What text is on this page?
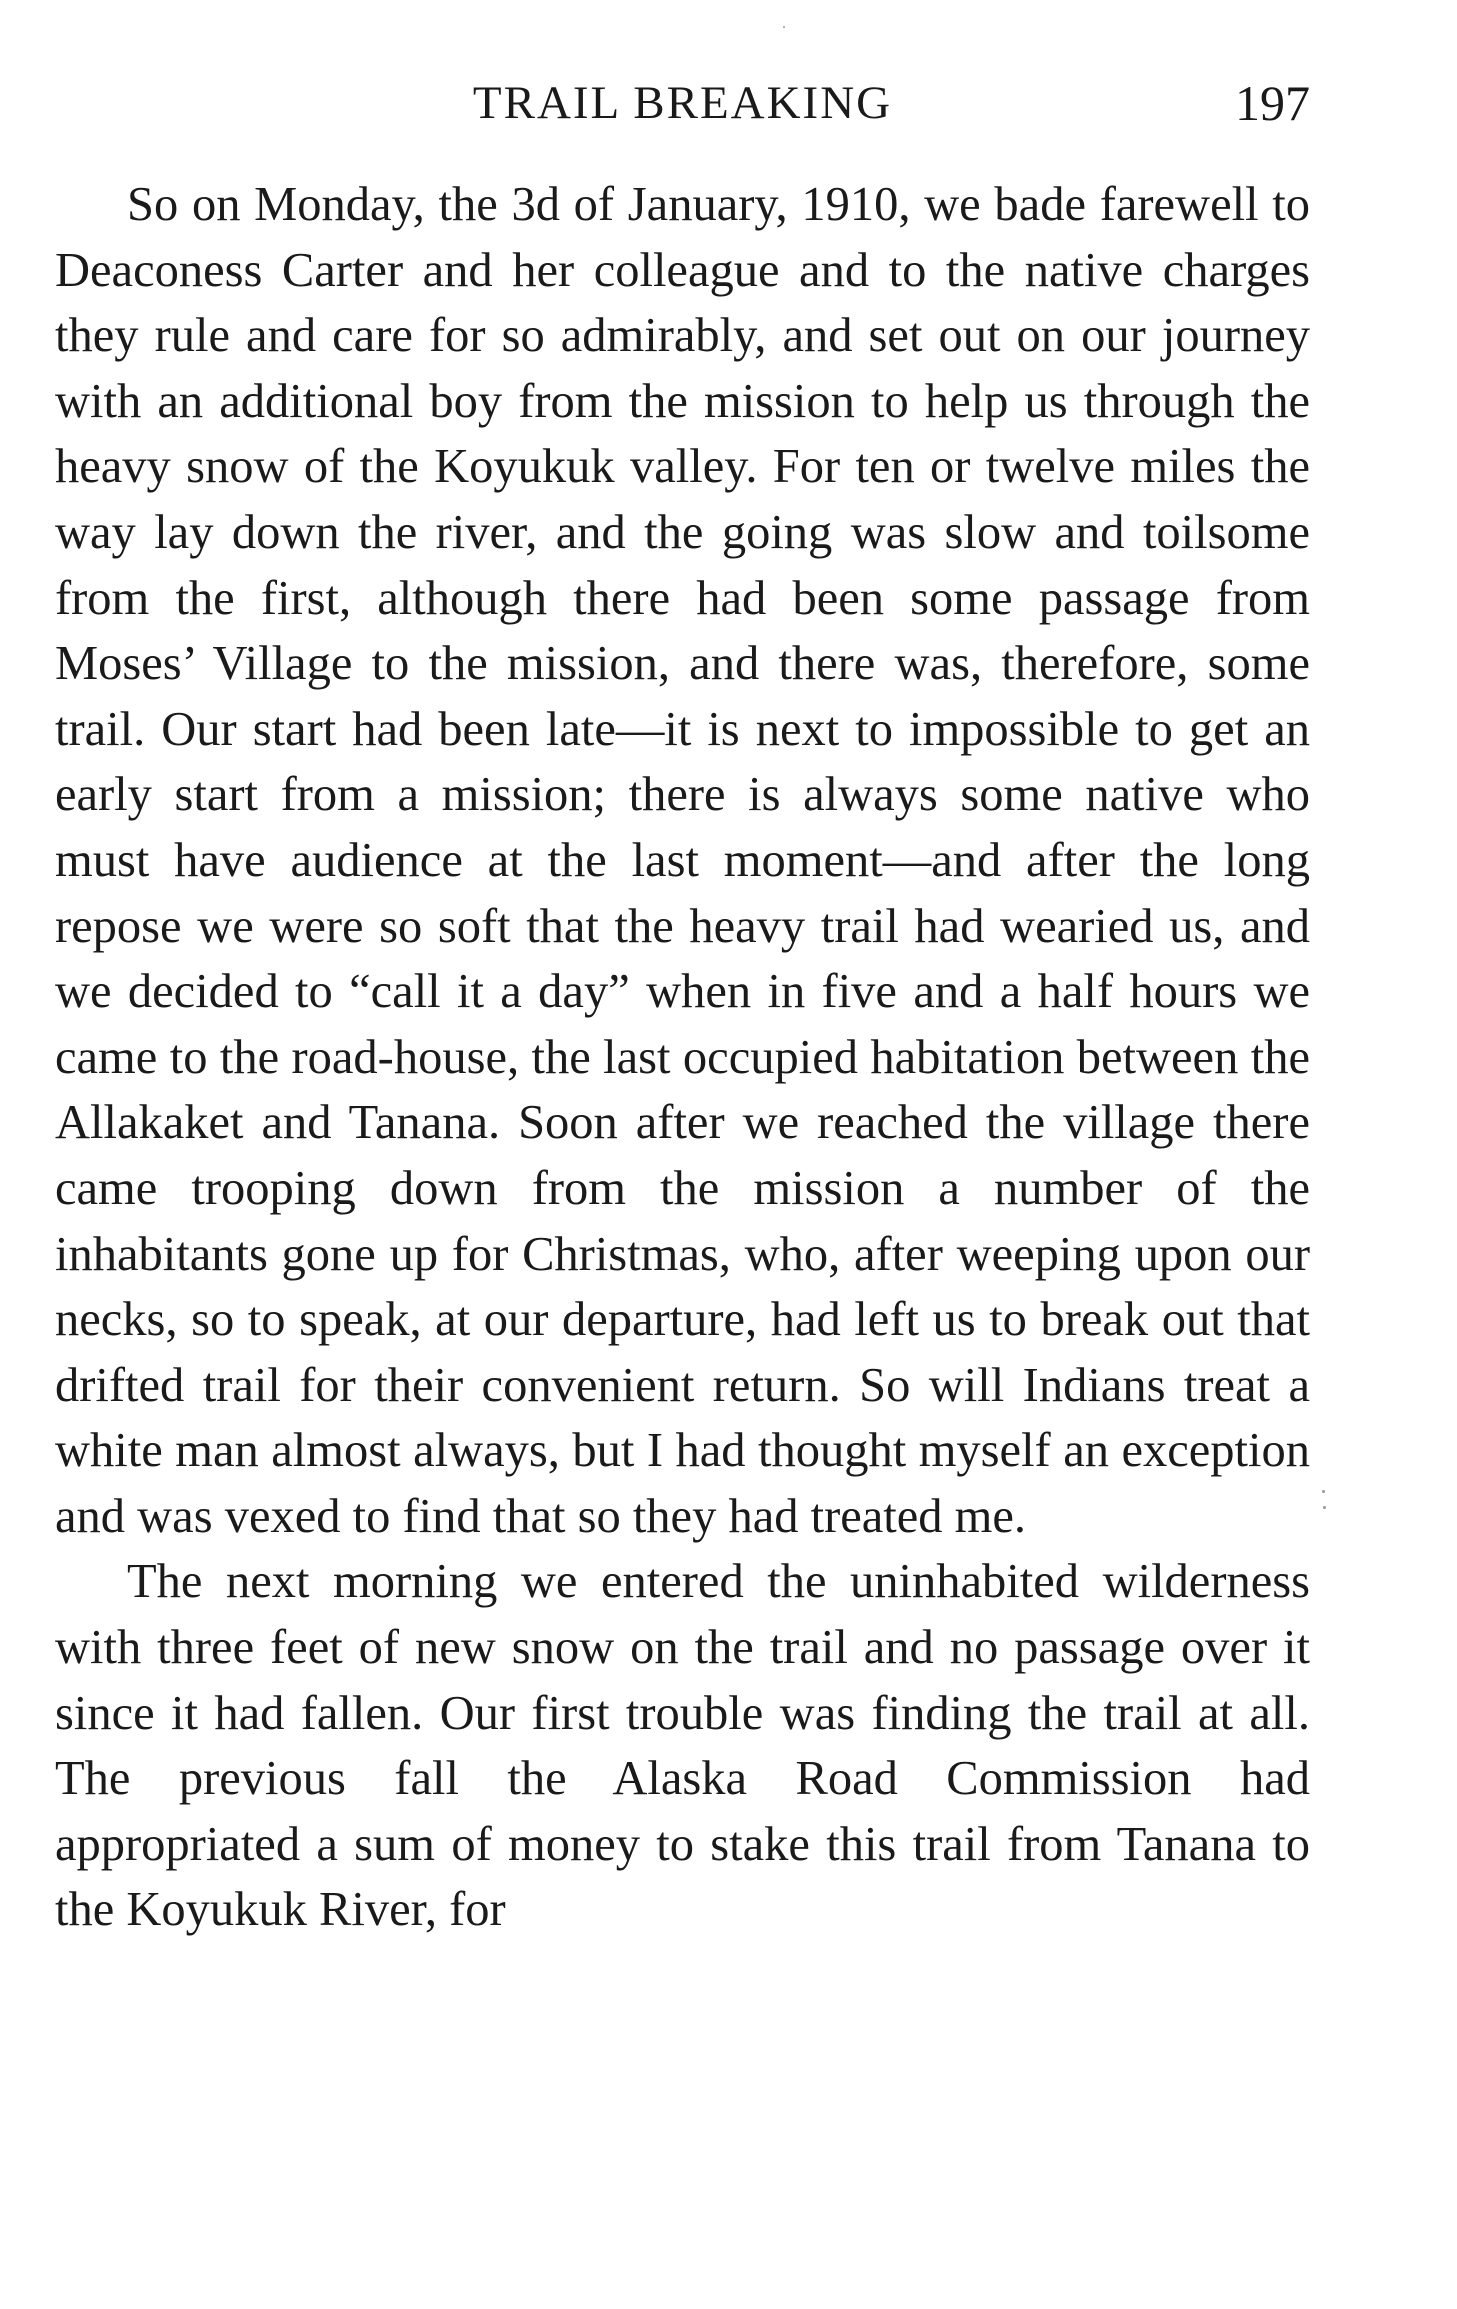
TRAIL BREAKING	197

So on Monday, the 3d of January, 1910, we bade farewell to Deaconess Carter and her colleague and to the native charges they rule and care for so admirably, and set out on our journey with an additional boy from the mission to help us through the heavy snow of the Koyukuk valley. For ten or twelve miles the way lay down the river, and the going was slow and toilsome from the first, although there had been some passage from Moses’ Village to the mission, and there was, therefore, some trail. Our start had been late—it is next to impossible to get an early start from a mission; there is always some native who must have audience at the last moment—and after the long repose we were so soft that the heavy trail had wearied us, and we decided to “call it a day” when in five and a half hours we came to the road-house, the last occupied habitation between the Allakaket and Tanana. Soon after we reached the village there came trooping down from the mission a number of the inhabitants gone up for Christmas, who, after weeping upon our necks, so to speak, at our departure, had left us to break out that drifted trail for their convenient return. So will Indians treat a white man almost always, but I had thought myself an exception and was vexed to find that so they had treated me.

The next morning we entered the uninhabited wilderness with three feet of new snow on the trail and no passage over it since it had fallen. Our first trouble was finding the trail at all. The previous fall the Alaska Road Commission had appropriated a sum of money to stake this trail from Tanana to the Koyukuk River, for
